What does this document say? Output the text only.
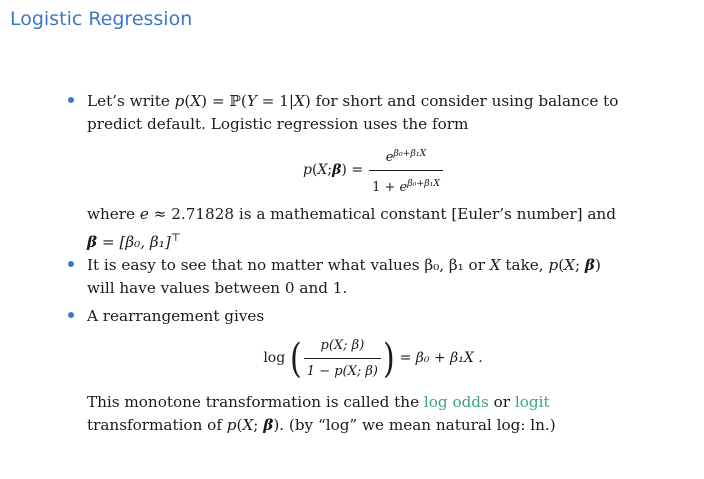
Logistic Regression
Let’s write p(X) = ℙ(Y = 1|X) for short and consider using balance to predict default. Logistic regression uses the form
p ( X ; β ) = $\frac{e^{\beta_0+\beta_1X}}{1 + e^{\beta_0+\beta_1X}}$
where e ≈ 2.71828 is a mathematical constant [Euler’s number] and
β = [β₀, β₁]⊤
It is easy to see that no matter what values β₀, β₁ or X take, p(X; β)
will have values between 0 and 1.
A rearrangement gives
log ( $\frac{p(X; \beta)}{1 - p(X; \beta)}$ ) = β₀ + β₁X .
This monotone transformation is called the log odds or logit
transformation of p(X; β). (by “log” we mean natural log: ln.)
